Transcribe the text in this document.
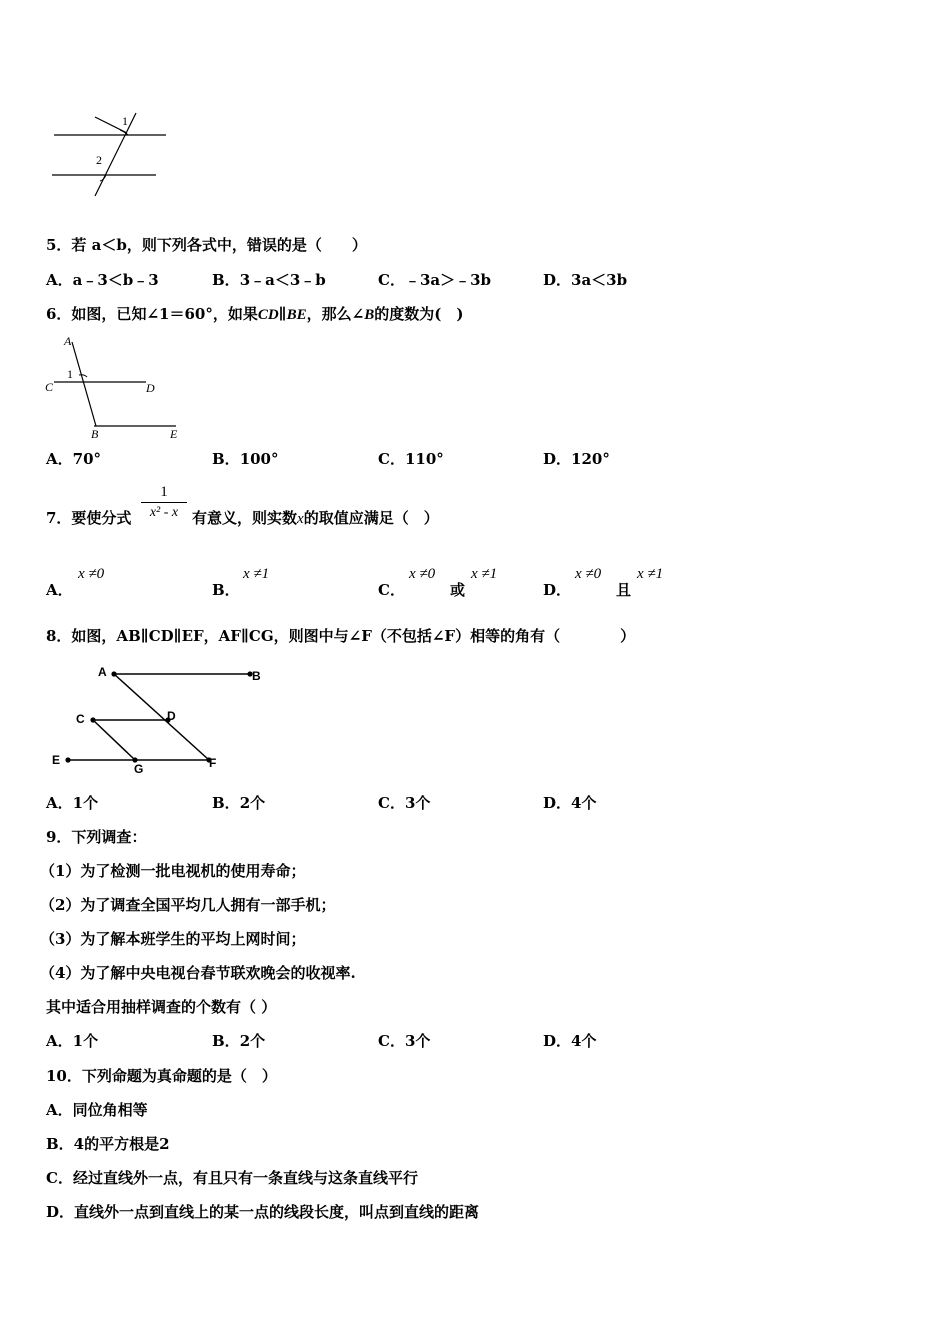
1
2
5．若 a＜b，则下列各式中，错误的是（　　）
A．a﹣3＜b﹣3	B．3﹣a＜3﹣b	C．﹣3a＞﹣3b	D．3a＜3b
6．如图，已知∠1＝60°，如果CD∥BE，那么∠B的度数为(　)
A
C
1
D
B	E
A．70°	B．100°	C．110°	D．120°
7．要使分式
1
x² - x 有意义，则实数x的取值应满足（　）
A．
x ≠0
B．
x ≠1
C．
x ≠0
或
x ≠1
D．
x ≠0
且
x ≠1
8．如图，AB∥CD∥EF，AF∥CG，则图中与∠F（不包括∠F）相等的角有（　　　　）
A	B
C	D
E
G	F
A．1个	B．2个	C．3个	D．4个
9．下列调查：
（1）为了检测一批电视机的使用寿命；
（2）为了调查全国平均几人拥有一部手机；
（3）为了解本班学生的平均上网时间；
（4）为了解中央电视台春节联欢晚会的收视率.
其中适合用抽样调查的个数有（ ）
A．1个	B．2个	C．3个	D．4个
10．下列命题为真命题的是（　）
A．同位角相等
B．4的平方根是2
C．经过直线外一点，有且只有一条直线与这条直线平行
D．直线外一点到直线上的某一点的线段长度，叫点到直线的距离
